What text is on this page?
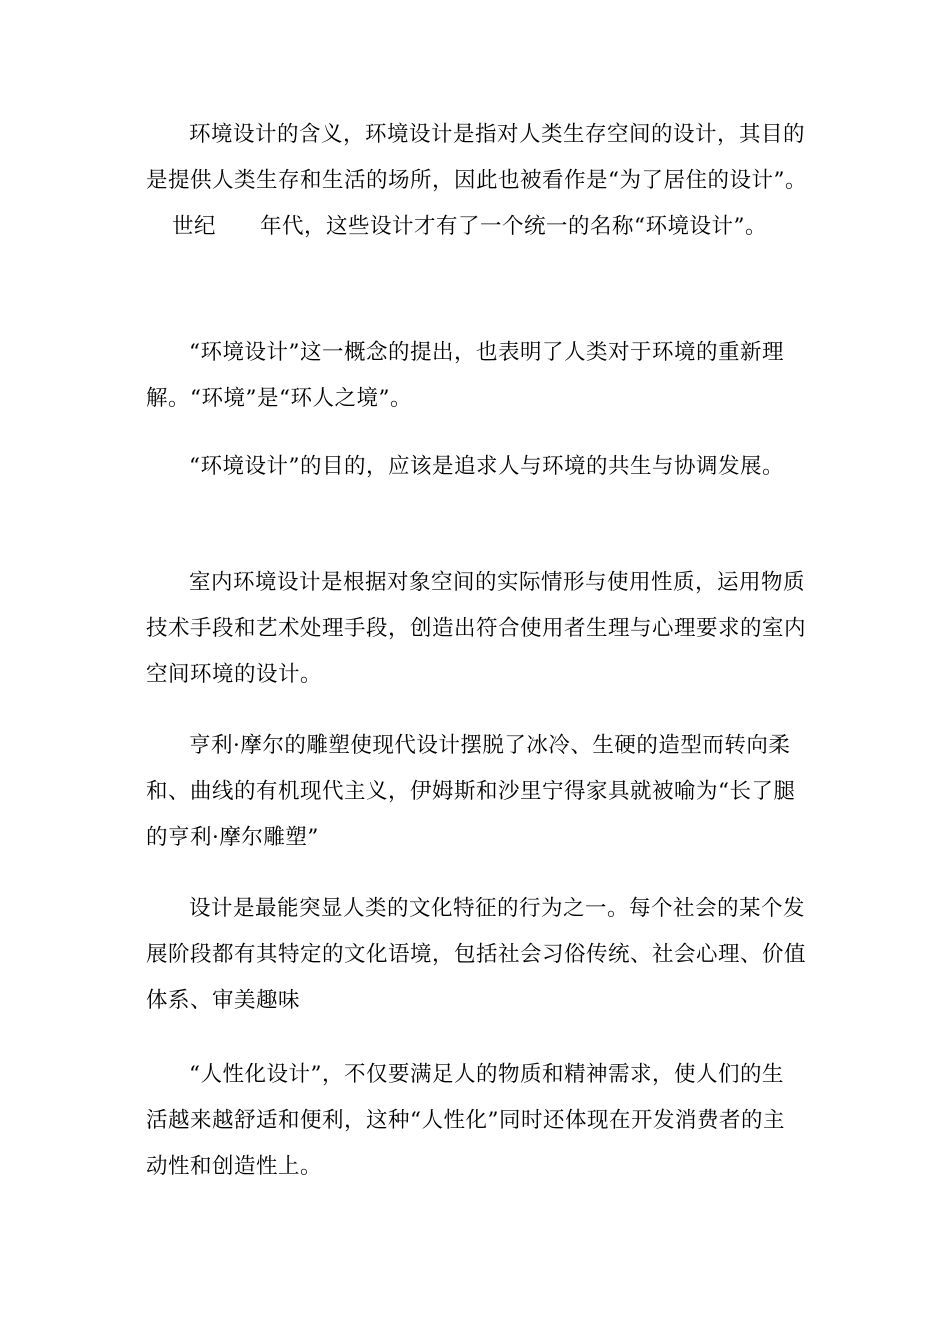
环境设计的含义，环境设计是指对人类生存空间的设计，其目的
是提供人类生存和生活的场所，因此也被看作是“为了居住的设计”。
世纪　　年代，这些设计才有了一个统一的名称“环境设计”。

“环境设计”这一概念的提出，也表明了人类对于环境的重新理
解。“环境”是“环人之境”。

“环境设计”的目的，应该是追求人与环境的共生与协调发展。

室内环境设计是根据对象空间的实际情形与使用性质，运用物质
技术手段和艺术处理手段，创造出符合使用者生理与心理要求的室内
空间环境的设计。

亨利·摩尔的雕塑使现代设计摆脱了冰冷、生硬的造型而转向柔
和、曲线的有机现代主义，伊姆斯和沙里宁得家具就被喻为“长了腿
的亨利·摩尔雕塑”

设计是最能突显人类的文化特征的行为之一。每个社会的某个发
展阶段都有其特定的文化语境，包括社会习俗传统、社会心理、价值
体系、审美趣味

“人性化设计”，不仅要满足人的物质和精神需求，使人们的生
活越来越舒适和便利，这种“人性化”同时还体现在开发消费者的主
动性和创造性上。
